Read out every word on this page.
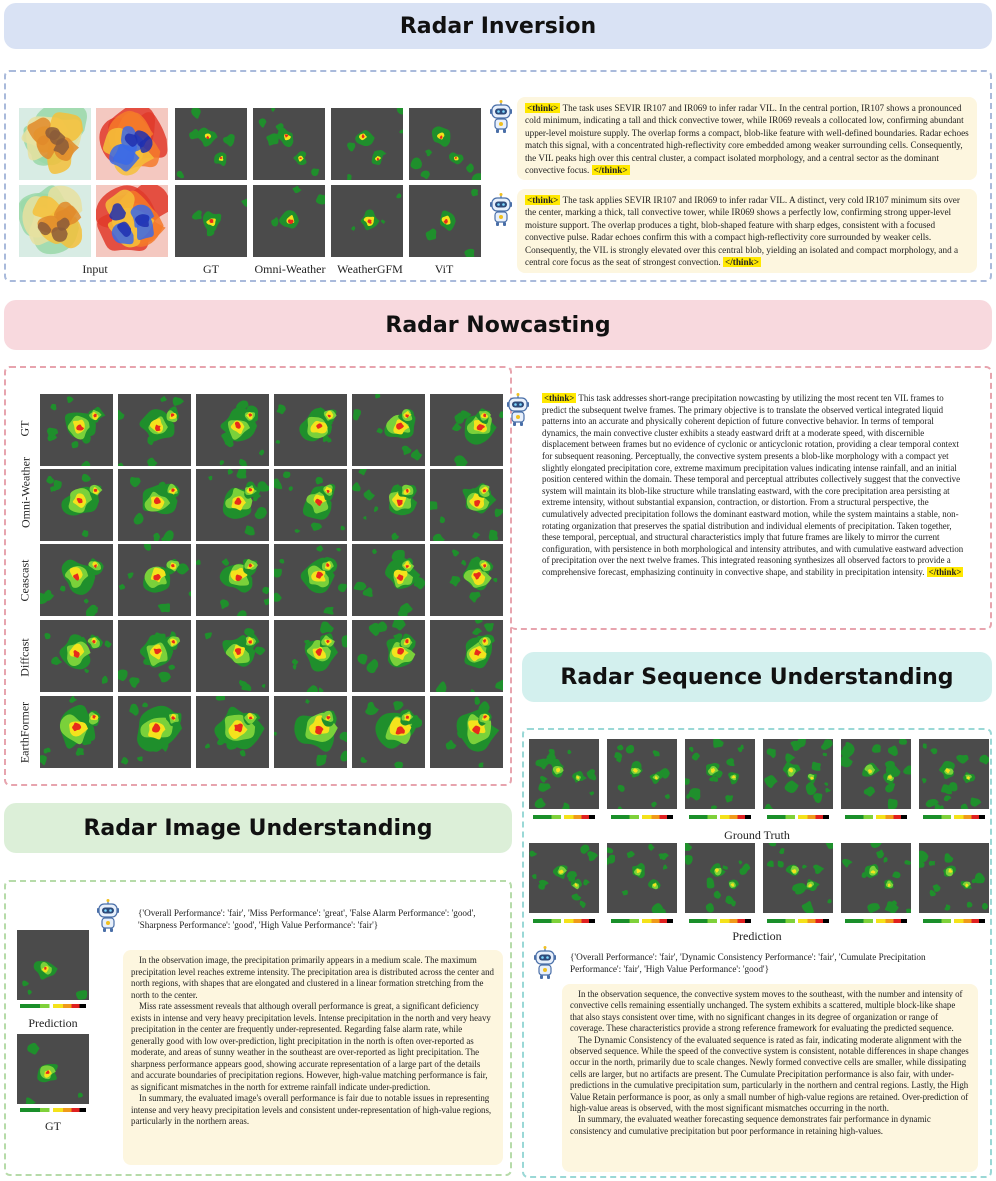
Radar Inversion
Input	GT	Omni-Weather WeatherGFM	ViT
<think> The task uses SEVIR IR107 and IR069 to infer radar VIL. In the central portion, IR107 shows a pronounced cold minimum, indicating a tall and thick convective tower, while IR069 reveals a collocated low, confirming abundant upper-level moisture supply. The overlap forms a compact, blob-like feature with well-defined boundaries. Radar echoes match this signal, with a concentrated high-reflectivity core embedded among weaker surrounding cells. Consequently, the VIL peaks high over this central cluster, a compact isolated morphology, and a central sector as the dominant convective focus. </think>
<think> The task applies SEVIR IR107 and IR069 to infer radar VIL. A distinct, very cold IR107 minimum sits over the center, marking a thick, tall convective tower, while IR069 shows a perfectly low, confirming strong upper-level moisture support. The overlap produces a tight, blob-shaped feature with sharp edges, consistent with a focused convective pulse. Radar echoes confirm this with a compact high-reflectivity core surrounded by weaker cells. Consequently, the VIL is strongly elevated over this central blob, yielding an isolated and compact morphology, and a central core focus as the seat of strongest convection. </think>
Radar Nowcasting
GT
Omni-Weather
Ceascast
Diffcast
EarthFormer
<think> This task addresses short-range precipitation nowcasting by utilizing the most recent ten VIL frames to predict the subsequent twelve frames. The primary objective is to translate the observed vertical integrated liquid patterns into an accurate and physically coherent depiction of future convective behavior. In terms of temporal dynamics, the main convective cluster exhibits a steady eastward drift at a moderate speed, with discernible displacement between frames but no evidence of cyclonic or anticyclonic rotation, providing a clear temporal context for subsequent reasoning. Perceptually, the convective system presents a blob-like morphology with a compact yet slightly elongated precipitation core, extreme maximum precipitation values indicating intense rainfall, and an initial position centered within the domain. These temporal and perceptual attributes collectively suggest that the convective system will maintain its blob-like structure while translating eastward, with the core precipitation area persisting at extreme intensity, without substantial expansion, contraction, or distortion. From a structural perspective, the cumulatively advected precipitation follows the dominant eastward motion, while the system maintains a stable, non-rotating organization that preserves the spatial distribution and individual elements of precipitation. Taken together, these temporal, perceptual, and structural characteristics imply that future frames are likely to mirror the current configuration, with persistence in both morphological and intensity attributes, and with cumulative eastward advection of precipitation over the next twelve frames. This integrated reasoning synthesizes all observed factors to provide a comprehensive forecast, emphasizing continuity in convective shape, and stability in precipitation intensity. </think>
Radar Sequence Understanding
Ground Truth
Prediction
{'Overall Performance': 'fair', 'Dynamic Consistency Performance': 'fair', 'Cumulate Precipitation Performance': 'fair', 'High Value Performance': 'good'}

In the observation sequence, the convective system moves to the southeast, with the number and intensity of convective cells remaining essentially unchanged. The system exhibits a scattered, multiple block-like shape that also stays consistent over time, with no significant changes in its degree of organization or range of coverage. These characteristics provide a strong reference framework for evaluating the predicted sequence.

The Dynamic Consistency of the evaluated sequence is rated as fair, indicating moderate alignment with the observed sequence. While the speed of the convective system is consistent, notable differences in shape changes occur in the north, primarily due to scale changes. Newly formed convective cells are smaller, while dissipating cells are larger, but no artifacts are present. The Cumulate Precipitation performance is also fair, with under-predictions in the cumulative precipitation sum, particularly in the northern and central regions. Lastly, the High Value Retain performance is poor, as only a small number of high-value regions are retained. Over-prediction of high-value areas is observed, with the most significant mismatches occurring in the north.

In summary, the evaluated weather forecasting sequence demonstrates fair performance in dynamic consistency and cumulative precipitation but poor performance in retaining high-values.

Radar Image Understanding
Prediction
GT
{'Overall Performance': 'fair', 'Miss Performance': 'great', 'False Alarm Performance': 'good', 'Sharpness Performance': 'good', 'High Value Performance': 'fair'}

In the observation image, the precipitation primarily appears in a medium scale. The maximum precipitation level reaches extreme intensity. The precipitation area is distributed across the center and north regions, with shapes that are elongated and clustered in a linear formation stretching from the north to the center.

Miss rate assessment reveals that although overall performance is great, a significant deficiency exists in intense and very heavy precipitation levels. Intense precipitation in the north and very heavy precipitation in the center are frequently under-represented. Regarding false alarm rate, while generally good with low over-prediction, light precipitation in the north is often over-reported as moderate, and areas of sunny weather in the southeast are over-reported as light precipitation. The sharpness performance appears good, showing accurate representation of a large part of the details and accurate boundaries of precipitation regions. However, high-value matching performance is fair, as significant mismatches in the north for extreme rainfall indicate under-prediction.

In summary, the evaluated image's overall performance is fair due to notable issues in representing intense and very heavy precipitation levels and consistent under-representation of high-value regions, particularly in the northern areas.
